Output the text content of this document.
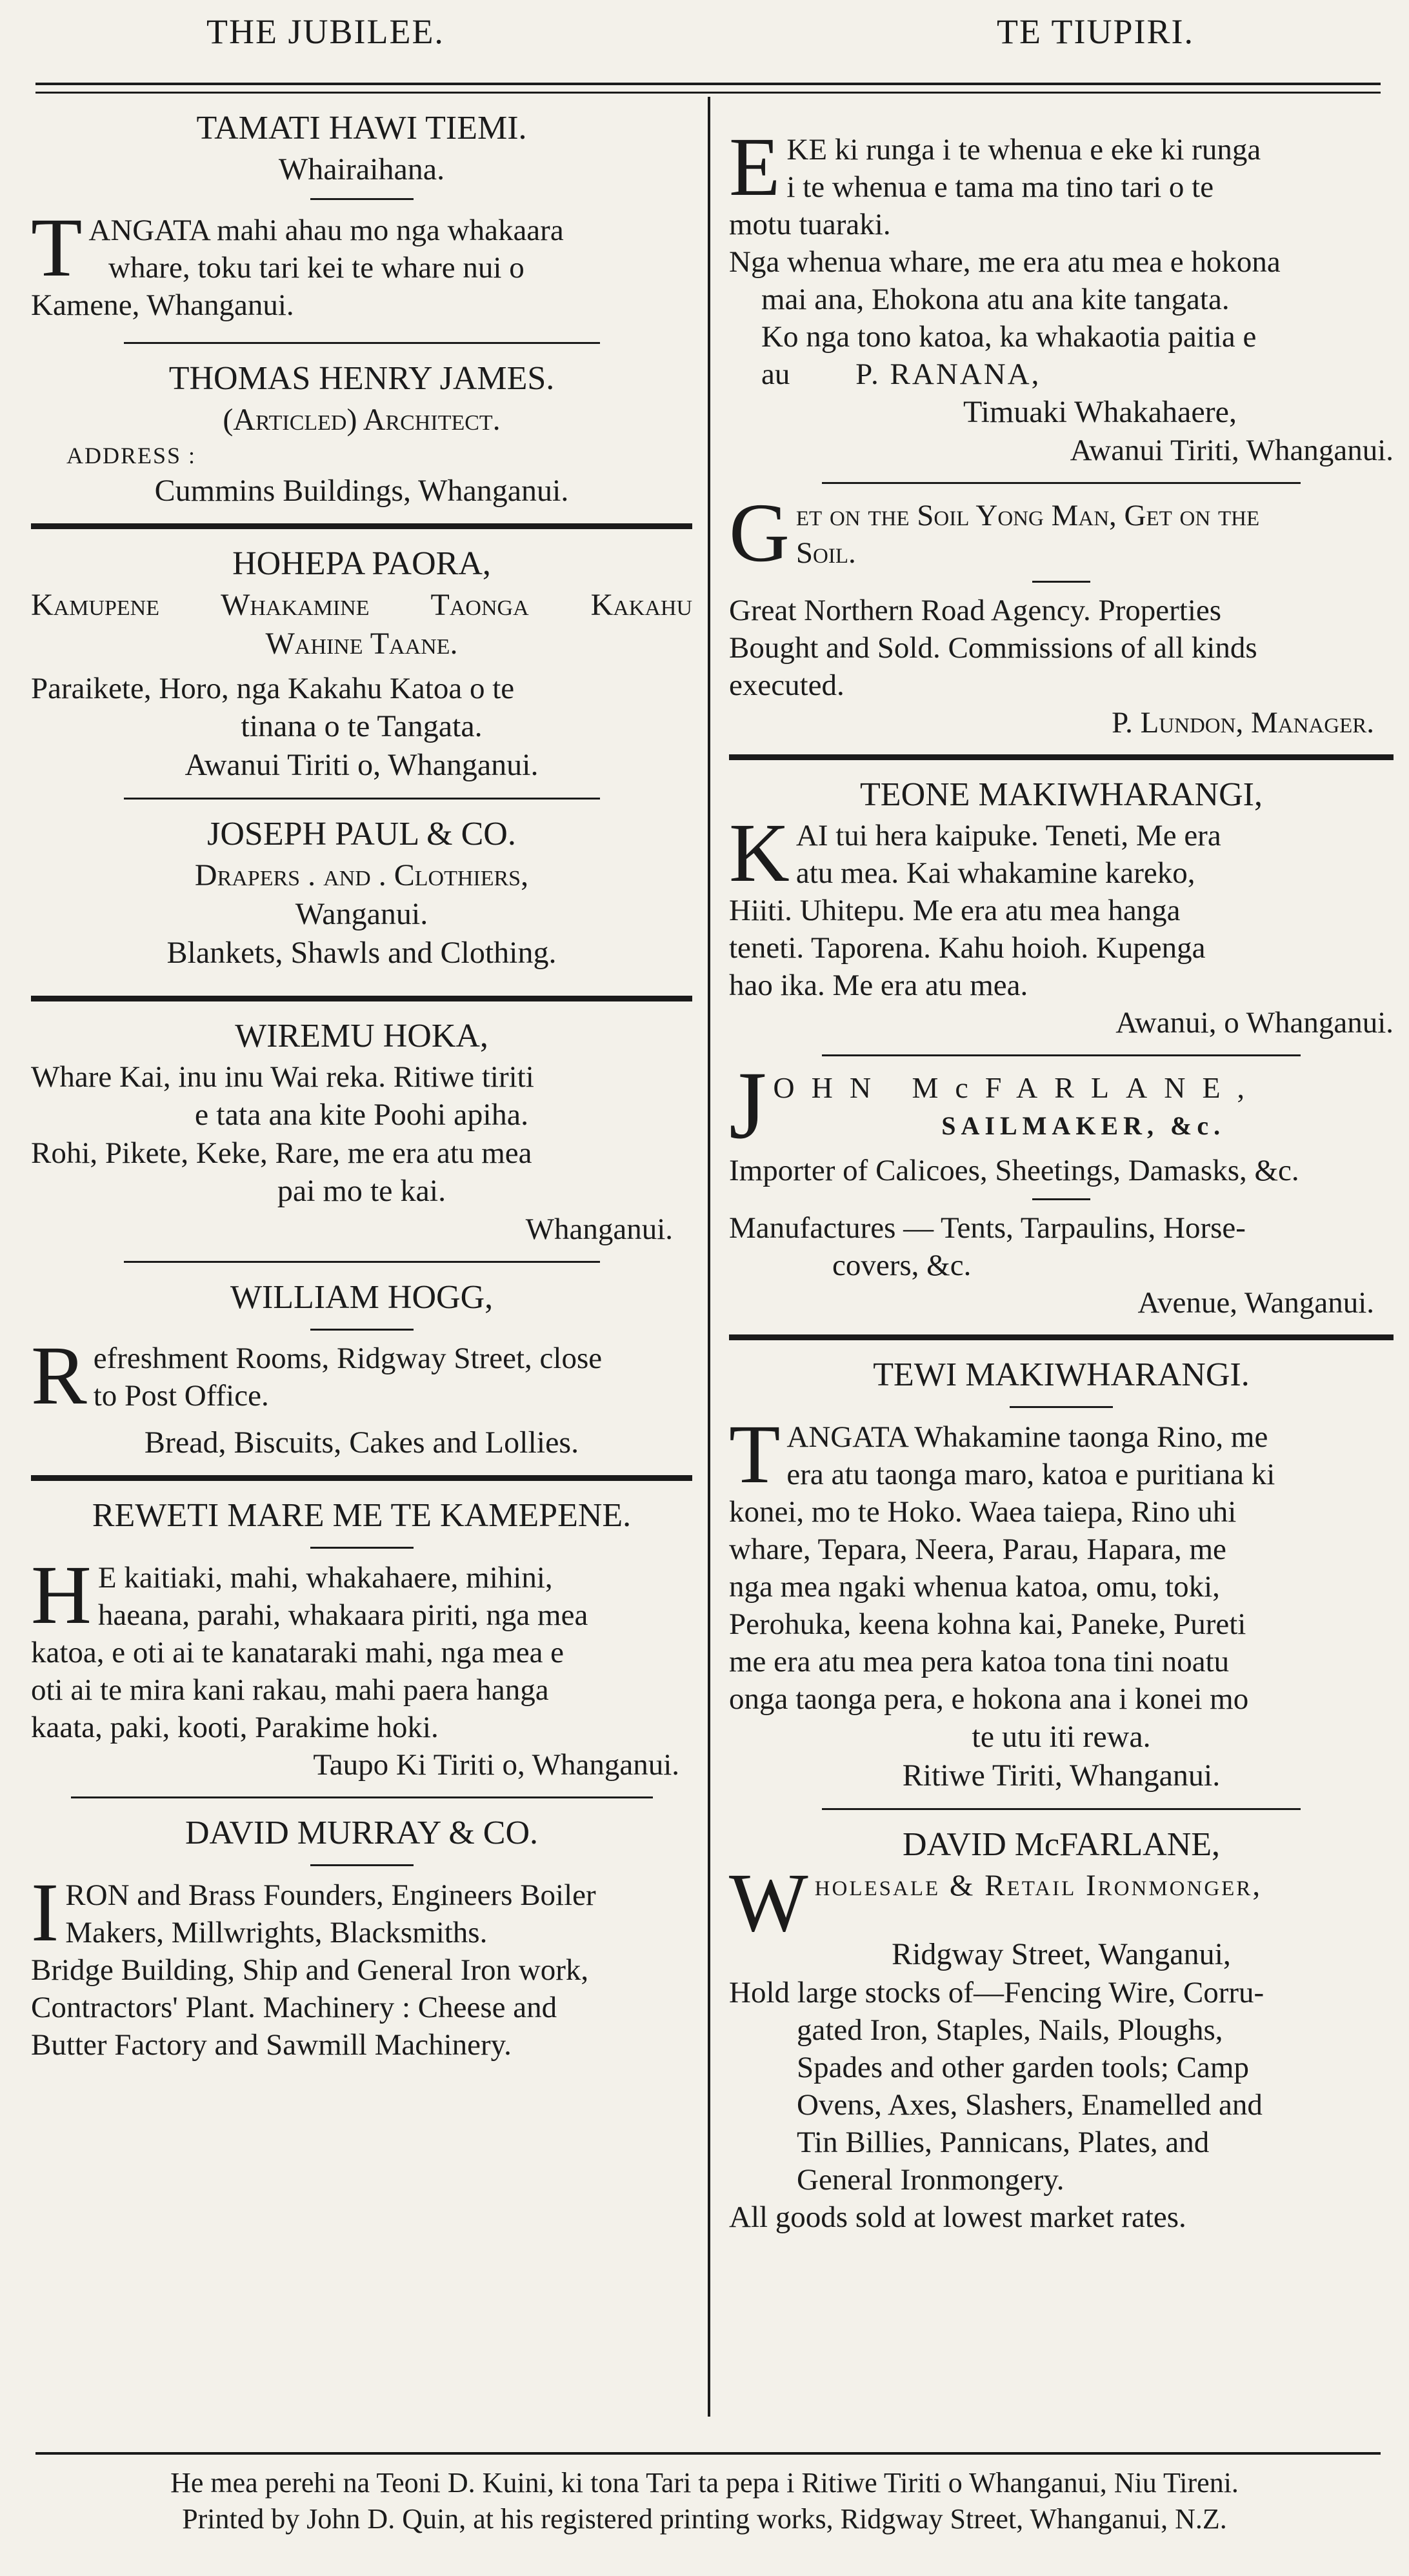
THE JUBILEE.	TE TIUPIRI.
TAMATI HAWI TIEMI.
Whairaihana.
T ANGATA mahi ahau mo nga whakaara
whare, toku tari kei te whare nui o
Kamene, Whanganui.
THOMAS HENRY JAMES.
(Articled) Architect.
ADDRESS :
Cummins Buildings, Whanganui.
HOHEPA PAORA,
Kamupene Whakamine Taonga Kakahu
Wahine Taane.
Paraikete, Horo, nga Kakahu Katoa o te
tinana o te Tangata.
Awanui Tiriti o, Whanganui.
JOSEPH PAUL & CO.
Drapers . and . Clothiers,
Wanganui.
Blankets, Shawls and Clothing.
WIREMU HOKA,
Whare Kai, inu inu Wai reka. Ritiwe tiriti
e tata ana kite Poohi apiha.
Rohi, Pikete, Keke, Rare, me era atu mea
pai mo te kai.
Whanganui.
WILLIAM HOGG,
R efreshment Rooms, Ridgway Street, close
to Post Office.
Bread, Biscuits, Cakes and Lollies.
REWETI MARE ME TE KAMEPENE.
H E kaitiaki, mahi, whakahaere, mihini,
haeana, parahi, whakaara piriti, nga mea
katoa, e oti ai te kanataraki mahi, nga mea e
oti ai te mira kani rakau, mahi paera hanga
kaata, paki, kooti, Parakime hoki.
Taupo Ki Tiriti o, Whanganui.
DAVID MURRAY & CO.
I RON and Brass Founders, Engineers Boiler
Makers, Millwrights, Blacksmiths.
Bridge Building, Ship and General Iron work,
Contractors' Plant. Machinery : Cheese and
Butter Factory and Sawmill Machinery.
E KE ki runga i te whenua e eke ki runga
i te whenua e tama ma tino tari o te
motu tuaraki.
Nga whenua whare, me era atu mea e hokona
mai ana, Ehokona atu ana kite tangata.
Ko nga tono katoa, ka whakaotia paitia e
au P. RANANA,
Timuaki Whakahaere,
Awanui Tiriti, Whanganui.
G et on the Soil Yong Man, Get on the
Soil.
Great Northern Road Agency. Properties
Bought and Sold. Commissions of all kinds
executed.
P. Lundon, Manager.
TEONE MAKIWHARANGI,
K AI tui hera kaipuke. Teneti, Me era
atu mea. Kai whakamine kareko,
Hiiti. Uhitepu. Me era atu mea hanga
teneti. Taporena. Kahu hoioh. Kupenga
hao ika. Me era atu mea.
Awanui, o Whanganui.
J OHN McFARLANE,
SAILMAKER, &c.
Importer of Calicoes, Sheetings, Damasks, &c.
Manufactures — Tents, Tarpaulins, Horse-
covers, &c.
Avenue, Wanganui.
TEWI MAKIWHARANGI.
T ANGATA Whakamine taonga Rino, me
era atu taonga maro, katoa e puritiana ki
konei, mo te Hoko. Waea taiepa, Rino uhi
whare, Tepara, Neera, Parau, Hapara, me
nga mea ngaki whenua katoa, omu, toki,
Perohuka, keena kohna kai, Paneke, Pureti
me era atu mea pera katoa tona tini noatu
onga taonga pera, e hokona ana i konei mo
te utu iti rewa.
Ritiwe Tiriti, Whanganui.
DAVID McFARLANE,
W holesale & Retail Ironmonger,
Ridgway Street, Wanganui,
Hold large stocks of—Fencing Wire, Corru-
gated Iron, Staples, Nails, Ploughs,
Spades and other garden tools; Camp
Ovens, Axes, Slashers, Enamelled and
Tin Billies, Pannicans, Plates, and
General Ironmongery.
All goods sold at lowest market rates.
He mea perehi na Teoni D. Kuini, ki tona Tari ta pepa i Ritiwe Tiriti o Whanganui, Niu Tireni.
Printed by John D. Quin, at his registered printing works, Ridgway Street, Whanganui, N.Z.
